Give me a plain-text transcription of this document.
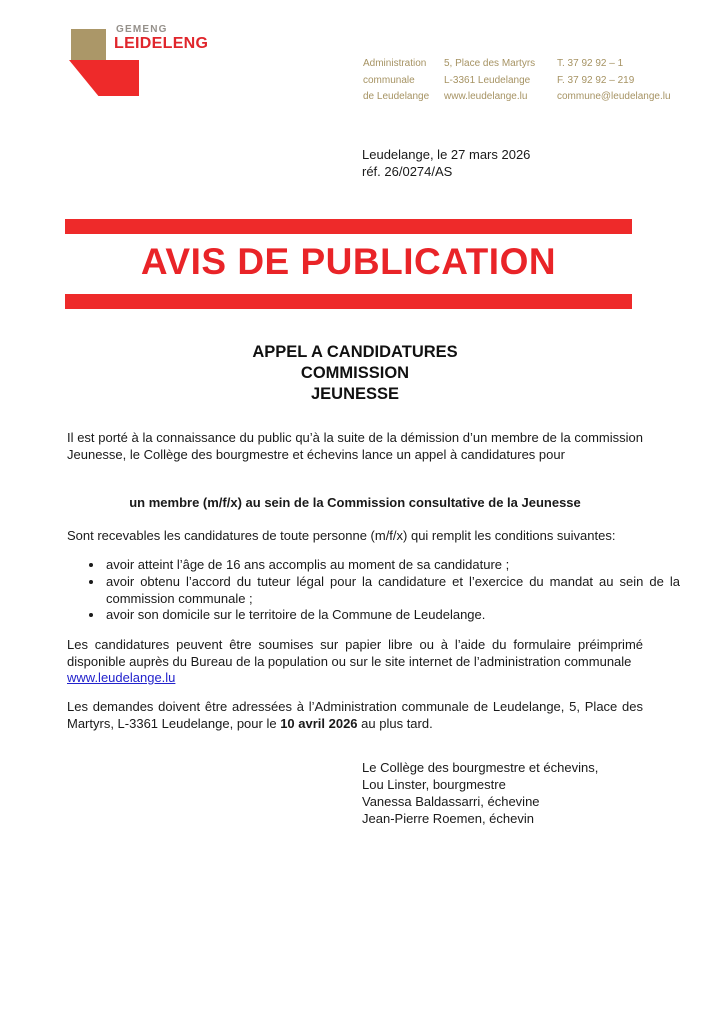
GEMENG
LEIDELENG
Administration
communale
de Leudelange
5, Place des Martyrs
L-3361 Leudelange
www.leudelange.lu
T. 37 92 92 – 1
F. 37 92 92 – 219
commune@leudelange.lu
Leudelange, le 27 mars 2026
réf. 26/0274/AS
AVIS DE PUBLICATION
APPEL A CANDIDATURES
COMMISSION
JEUNESSE
Il est porté à la connaissance du public qu’à la suite de la démission d’un membre de la commission Jeunesse, le Collège des bourgmestre et échevins lance un appel à candidatures pour
un membre (m/f/x) au sein de la Commission consultative de la Jeunesse
Sont recevables les candidatures de toute personne (m/f/x) qui remplit les conditions suivantes:
• avoir atteint l’âge de 16 ans accomplis au moment de sa candidature ;
• avoir obtenu l’accord du tuteur légal pour la candidature et l’exercice du mandat au sein de la commission communale ;
• avoir son domicile sur le territoire de la Commune de Leudelange.
Les candidatures peuvent être soumises sur papier libre ou à l’aide du formulaire préimprimé disponible auprès du Bureau de la population ou sur le site internet de l’administration communale
www.leudelange.lu
Les demandes doivent être adressées à l’Administration communale de Leudelange, 5, Place des Martyrs, L-3361 Leudelange, pour le 10 avril 2026 au plus tard.
Le Collège des bourgmestre et échevins,
Lou Linster, bourgmestre
Vanessa Baldassarri, échevine
Jean-Pierre Roemen, échevin
